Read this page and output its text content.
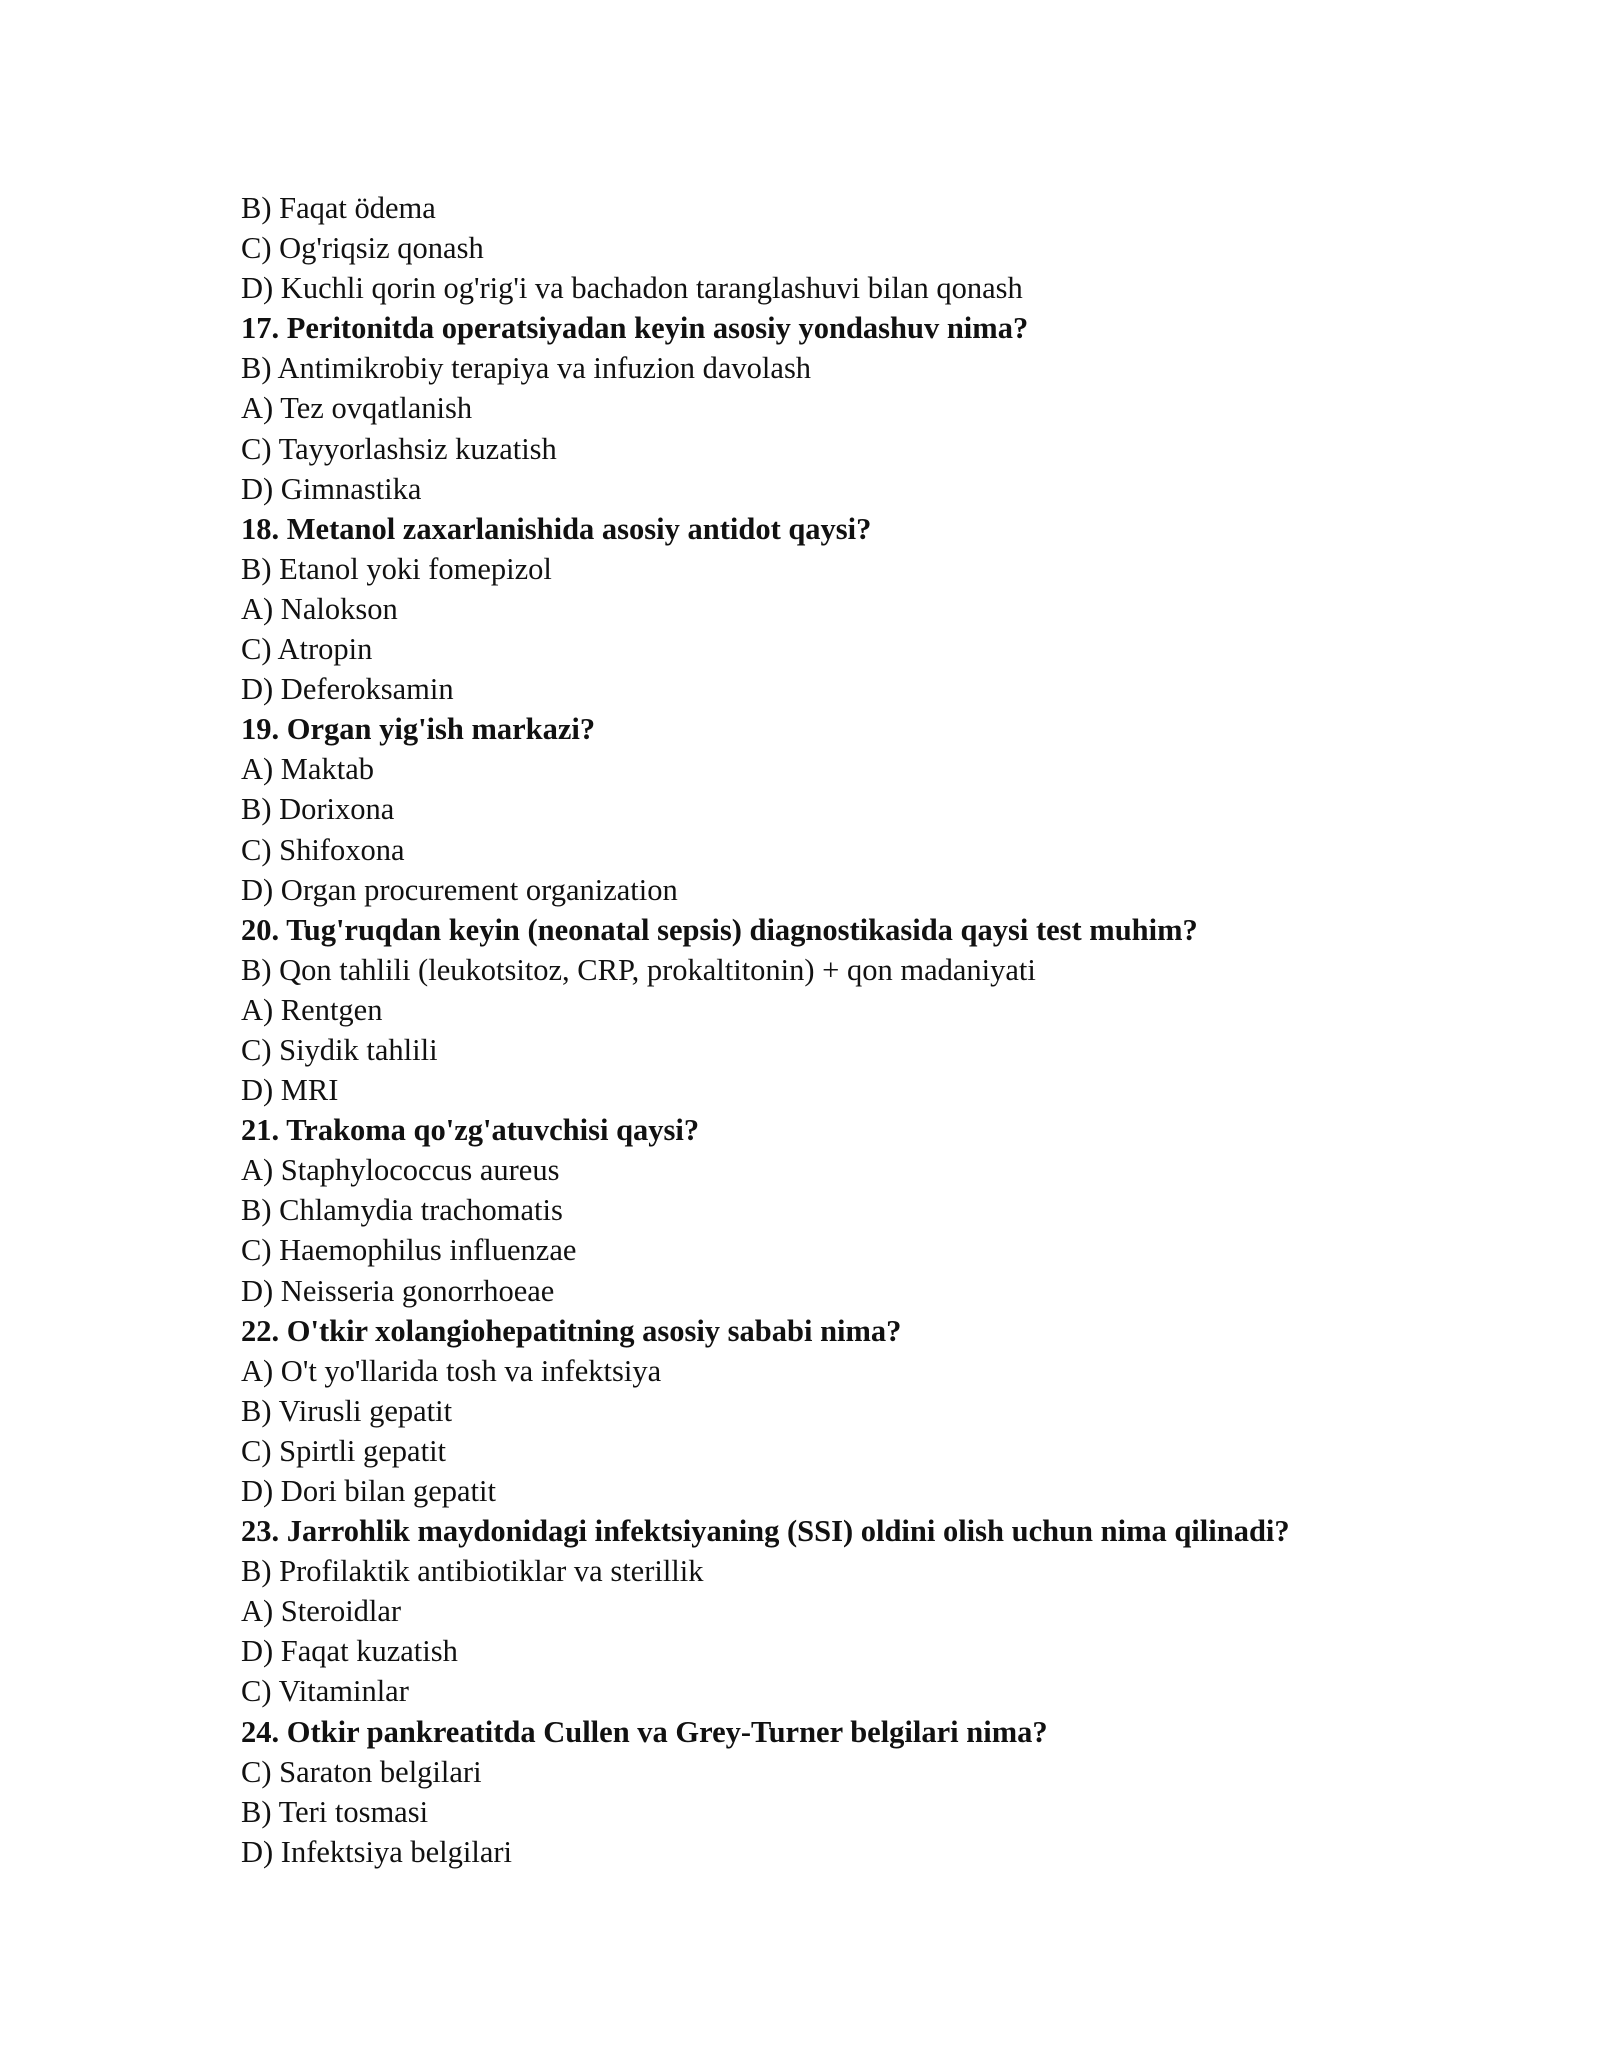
B) Faqat ödema
C) Og'riqsiz qonash
D) Kuchli qorin og'rig'i va bachadon taranglashuvi bilan qonash
17. Peritonitda operatsiyadan keyin asosiy yondashuv nima?
B) Antimikrobiy terapiya va infuzion davolash
A) Tez ovqatlanish
C) Tayyorlashsiz kuzatish
D) Gimnastika
18. Metanol zaxarlanishida asosiy antidot qaysi?
B) Etanol yoki fomepizol
A) Nalokson
C) Atropin
D) Deferoksamin
19. Organ yig'ish markazi?
A) Maktab
B) Dorixona
C) Shifoxona
D) Organ procurement organization
20. Tug'ruqdan keyin (neonatal sepsis) diagnostikasida qaysi test muhim?
B) Qon tahlili (leukotsitoz, CRP, prokaltitonin) + qon madaniyati
A) Rentgen
C) Siydik tahlili
D) MRI
21. Trakoma qo'zg'atuvchisi qaysi?
A) Staphylococcus aureus
B) Chlamydia trachomatis
C) Haemophilus influenzae
D) Neisseria gonorrhoeae
22. O'tkir xolangiohepatitning asosiy sababi nima?
A) O't yo'llarida tosh va infektsiya
B) Virusli gepatit
C) Spirtli gepatit
D) Dori bilan gepatit
23. Jarrohlik maydonidagi infektsiyaning (SSI) oldini olish uchun nima qilinadi?
B) Profilaktik antibiotiklar va sterillik
A) Steroidlar
D) Faqat kuzatish
C) Vitaminlar
24. Otkir pankreatitda Cullen va Grey-Turner belgilari nima?
C) Saraton belgilari
B) Teri tosmasi
D) Infektsiya belgilari
